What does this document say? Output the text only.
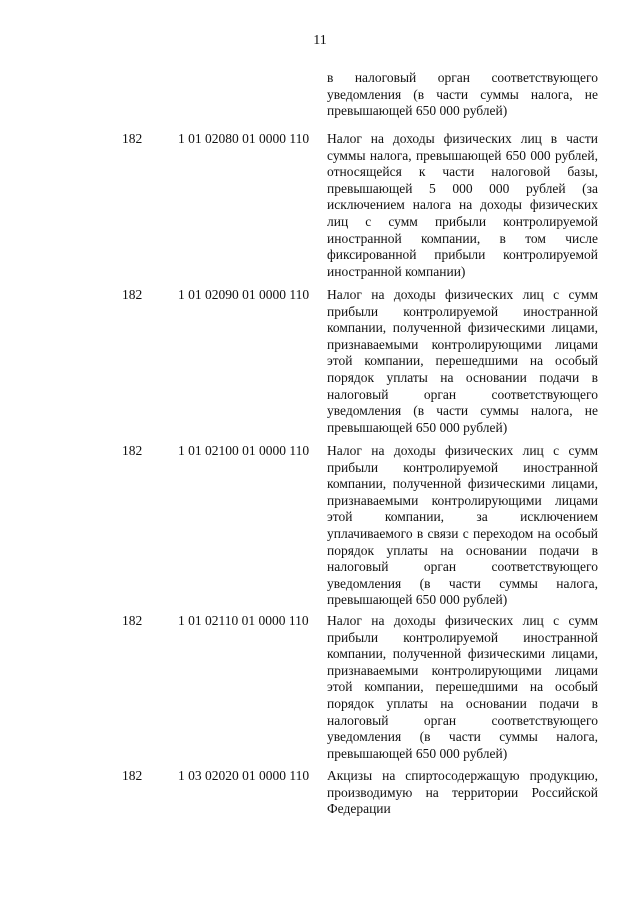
11
в налоговый орган соответствующего уведомления (в части суммы налога, не превышающей 650 000 рублей)
182	1 01 02080 01 0000 110 Налог на доходы физических лиц в части суммы налога, превышающей 650 000 рублей, относящейся к части налоговой базы, превышающей 5 000 000 рублей (за исключением налога на доходы физических лиц с сумм прибыли контролируемой иностранной компании, в том числе фиксированной прибыли контролируемой иностранной компании)
182	1 01 02090 01 0000 110 Налог на доходы физических лиц с сумм прибыли контролируемой иностранной компании, полученной физическими лицами, признаваемыми контролирующими лицами этой компании, перешедшими на особый порядок уплаты на основании подачи в налоговый орган соответствующего уведомления (в части суммы налога, не превышающей 650 000 рублей)
182	1 01 02100 01 0000 110 Налог на доходы физических лиц с сумм прибыли контролируемой иностранной компании, полученной физическими лицами, признаваемыми контролирующими лицами этой компании, за исключением уплачиваемого в связи с переходом на особый порядок уплаты на основании подачи в налоговый орган соответствующего уведомления (в части суммы налога, превышающей 650 000 рублей)
182	1 01 02110 01 0000 110 Налог на доходы физических лиц с сумм прибыли контролируемой иностранной компании, полученной физическими лицами, признаваемыми контролирующими лицами этой компании, перешедшими на особый порядок уплаты на основании подачи в налоговый орган соответствующего уведомления (в части суммы налога, превышающей 650 000 рублей)
182	1 03 02020 01 0000 110 Акцизы на спиртосодержащую продукцию, производимую на территории Российской Федерации
